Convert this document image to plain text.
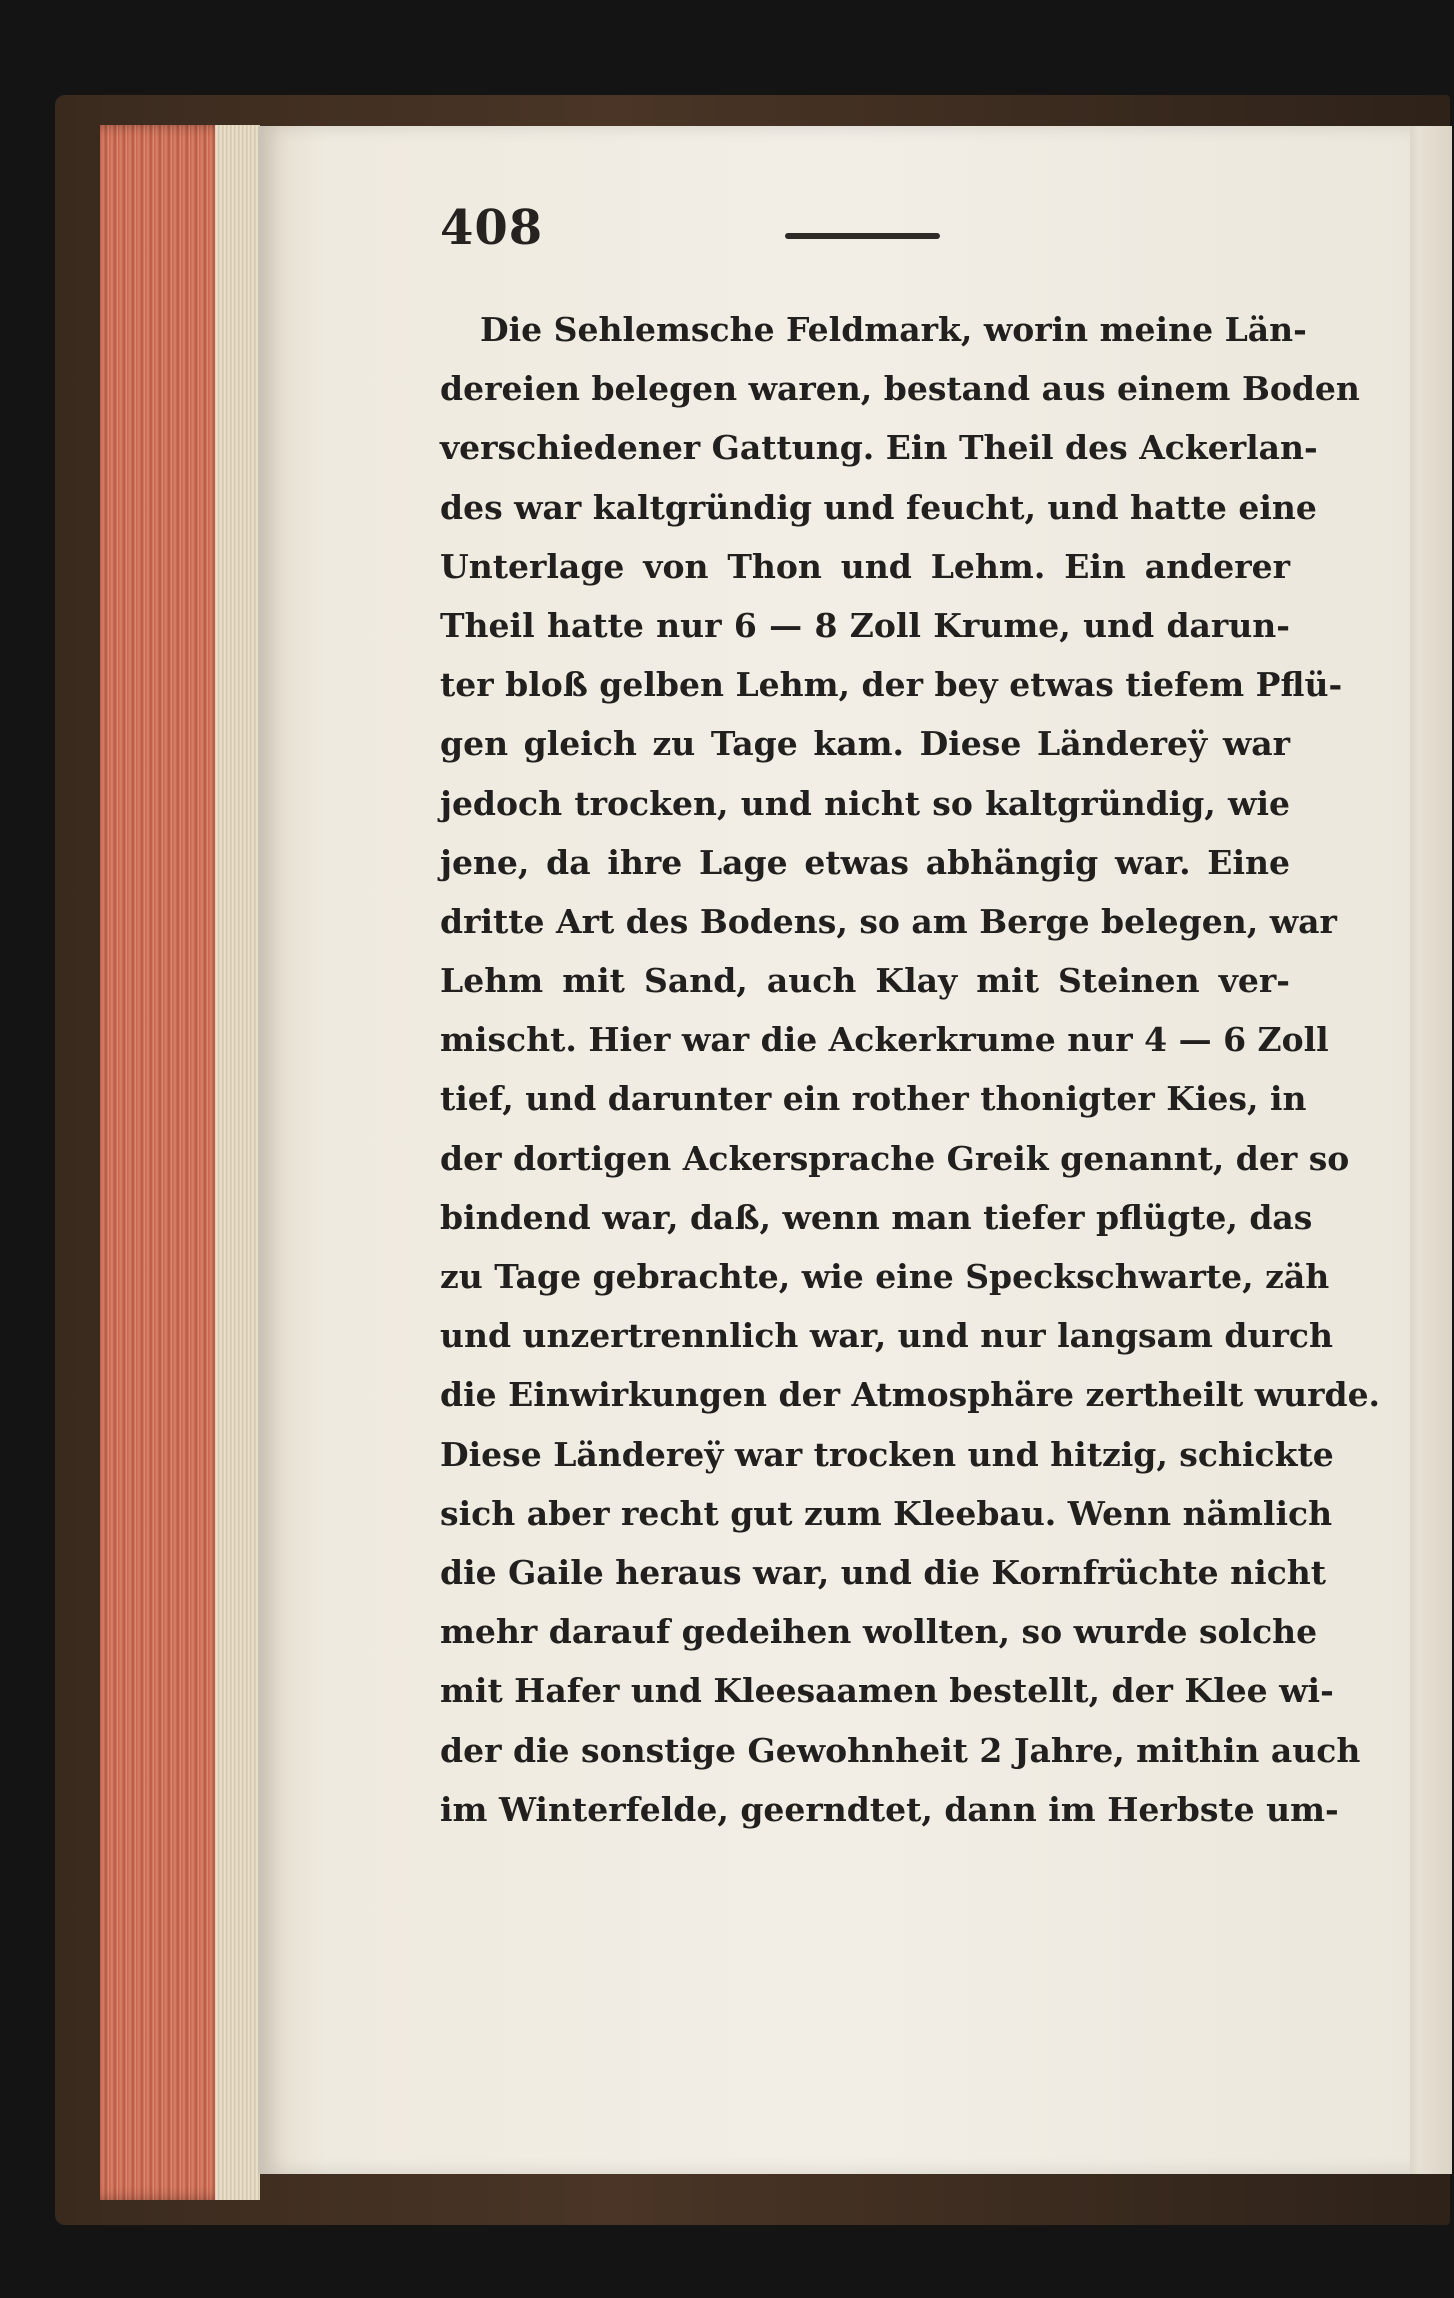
408
Die Sehlemsche Feldmark, worin meine Län-
dereien belegen waren, bestand aus einem Boden
verschiedener Gattung. Ein Theil des Ackerlan-
des war kaltgründig und feucht, und hatte eine
Unterlage von Thon und Lehm. Ein anderer
Theil hatte nur 6 — 8 Zoll Krume, und darun-
ter bloß gelben Lehm, der bey etwas tiefem Pflü-
gen gleich zu Tage kam. Diese Ländereÿ war
jedoch trocken, und nicht so kaltgründig, wie
jene, da ihre Lage etwas abhängig war. Eine
dritte Art des Bodens, so am Berge belegen, war
Lehm mit Sand, auch Klay mit Steinen ver-
mischt. Hier war die Ackerkrume nur 4 — 6 Zoll
tief, und darunter ein rother thonigter Kies, in
der dortigen Ackersprache Greik genannt, der so
bindend war, daß, wenn man tiefer pflügte, das
zu Tage gebrachte, wie eine Speckschwarte, zäh
und unzertrennlich war, und nur langsam durch
die Einwirkungen der Atmosphäre zertheilt wurde.
Diese Ländereÿ war trocken und hitzig, schickte
sich aber recht gut zum Kleebau. Wenn nämlich
die Gaile heraus war, und die Kornfrüchte nicht
mehr darauf gedeihen wollten, so wurde solche
mit Hafer und Kleesaamen bestellt, der Klee wi-
der die sonstige Gewohnheit 2 Jahre, mithin auch
im Winterfelde, geerndtet, dann im Herbste um-
